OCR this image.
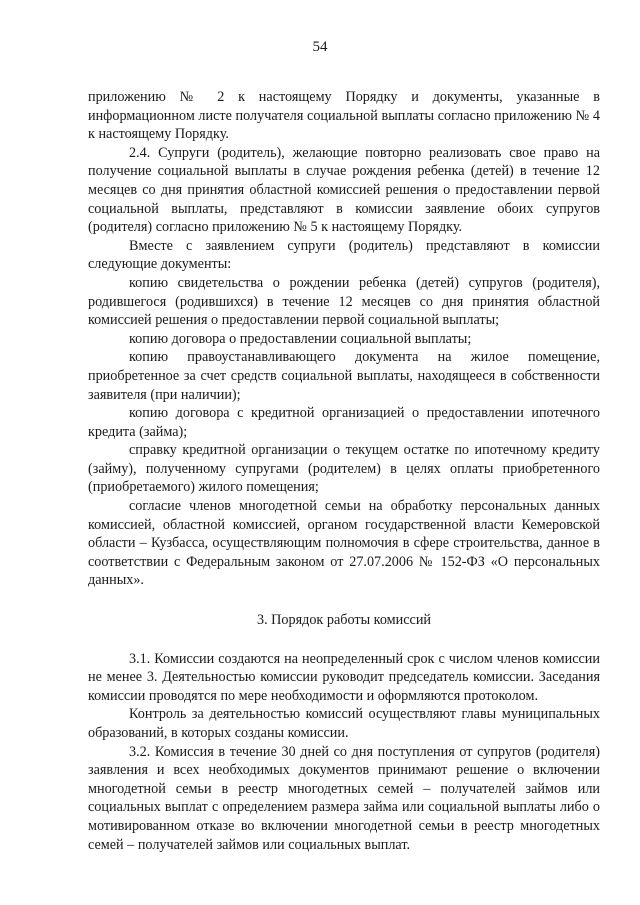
54

приложению № 2 к настоящему Порядку и документы, указанные в информационном листе получателя социальной выплаты согласно приложению № 4 к настоящему Порядку.

2.4. Супруги (родитель), желающие повторно реализовать свое право на получение социальной выплаты в случае рождения ребенка (детей) в течение 12 месяцев со дня принятия областной комиссией решения о предоставлении первой социальной выплаты, представляют в комиссии заявление обоих супругов (родителя) согласно приложению № 5 к настоящему Порядку.

Вместе с заявлением супруги (родитель) представляют в комиссии следующие документы:

копию свидетельства о рождении ребенка (детей) супругов (родителя), родившегося (родившихся) в течение 12 месяцев со дня принятия областной комиссией решения о предоставлении первой социальной выплаты;

копию договора о предоставлении социальной выплаты;

копию правоустанавливающего документа на жилое помещение, приобретенное за счет средств социальной выплаты, находящееся в собственности заявителя (при наличии);

копию договора с кредитной организацией о предоставлении ипотечного кредита (займа);

справку кредитной организации о текущем остатке по ипотечному кредиту (займу), полученному супругами (родителем) в целях оплаты приобретенного (приобретаемого) жилого помещения;

согласие членов многодетной семьи на обработку персональных данных комиссией, областной комиссией, органом государственной власти Кемеровской области – Кузбасса, осуществляющим полномочия в сфере строительства, данное в соответствии с Федеральным законом от 27.07.2006 № 152-ФЗ «О персональных данных».

3. Порядок работы комиссий

3.1. Комиссии создаются на неопределенный срок с числом членов комиссии не менее 3. Деятельностью комиссии руководит председатель комиссии. Заседания комиссии проводятся по мере необходимости и оформляются протоколом.

Контроль за деятельностью комиссий осуществляют главы муниципальных образований, в которых созданы комиссии.

3.2. Комиссия в течение 30 дней со дня поступления от супругов (родителя) заявления и всех необходимых документов принимают решение о включении многодетной семьи в реестр многодетных семей – получателей займов или социальных выплат с определением размера займа или социальной выплаты либо о мотивированном отказе во включении многодетной семьи в реестр многодетных семей – получателей займов или социальных выплат.
